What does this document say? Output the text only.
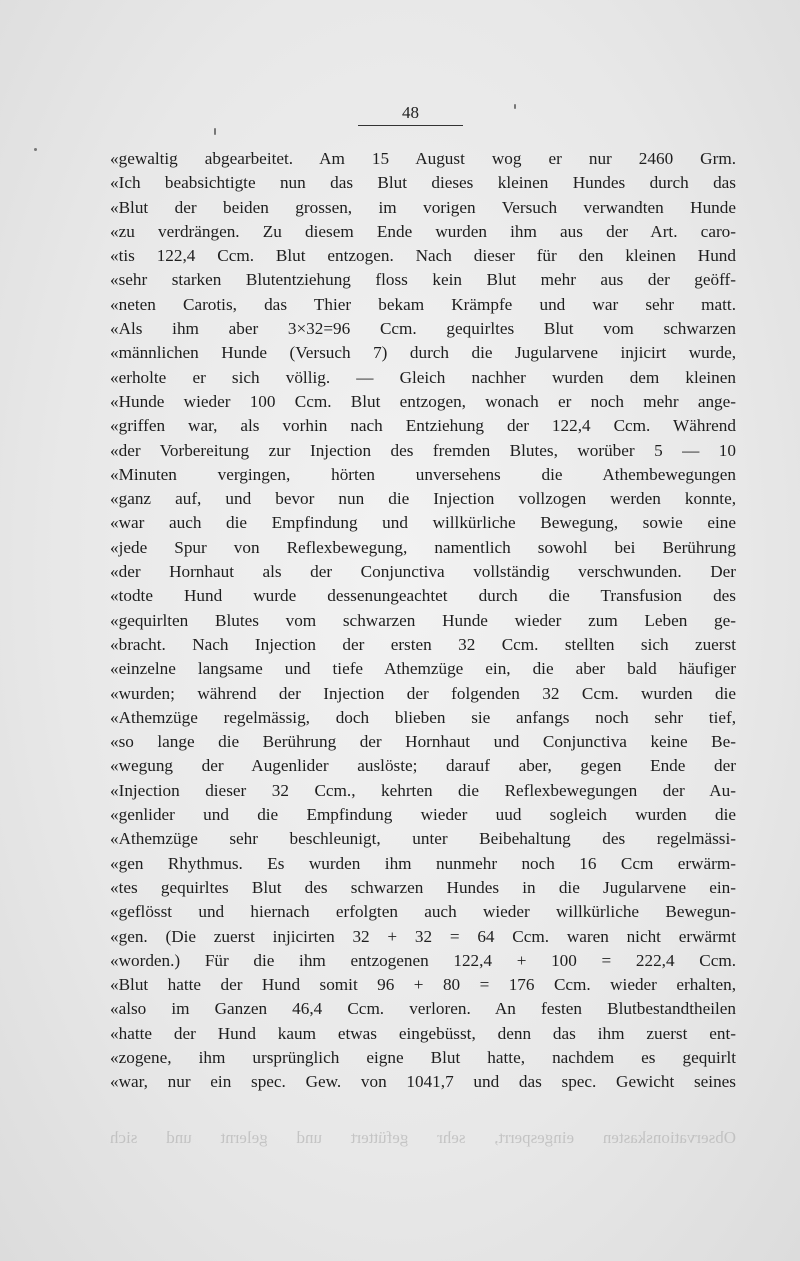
48
«gewaltig abgearbeitet. Am 15 August wog er nur 2460 Grm.
«Ich beabsichtigte nun das Blut dieses kleinen Hundes durch das
«Blut der beiden grossen, im vorigen Versuch verwandten Hunde
«zu verdrängen. Zu diesem Ende wurden ihm aus der Art. caro-
«tis 122,4 Ccm. Blut entzogen. Nach dieser für den kleinen Hund
«sehr starken Blutentziehung floss kein Blut mehr aus der geöff-
«neten Carotis, das Thier bekam Krämpfe und war sehr matt.
«Als ihm aber 3×32=96 Ccm. gequirltes Blut vom schwarzen
«männlichen Hunde (Versuch 7) durch die Jugularvene injicirt wurde,
«erholte er sich völlig. — Gleich nachher wurden dem kleinen
«Hunde wieder 100 Ccm. Blut entzogen, wonach er noch mehr ange-
«griffen war, als vorhin nach Entziehung der 122,4 Ccm. Während
«der Vorbereitung zur Injection des fremden Blutes, worüber 5 — 10
«Minuten vergingen, hörten unversehens die Athembewegungen
«ganz auf, und bevor nun die Injection vollzogen werden konnte,
«war auch die Empfindung und willkürliche Bewegung, sowie eine
«jede Spur von Reflexbewegung, namentlich sowohl bei Berührung
«der Hornhaut als der Conjunctiva vollständig verschwunden. Der
«todte Hund wurde dessenungeachtet durch die Transfusion des
«gequirlten Blutes vom schwarzen Hunde wieder zum Leben ge-
«bracht. Nach Injection der ersten 32 Ccm. stellten sich zuerst
«einzelne langsame und tiefe Athemzüge ein, die aber bald häufiger
«wurden; während der Injection der folgenden 32 Ccm. wurden die
«Athemzüge regelmässig, doch blieben sie anfangs noch sehr tief,
«so lange die Berührung der Hornhaut und Conjunctiva keine Be-
«wegung der Augenlider auslöste; darauf aber, gegen Ende der
«Injection dieser 32 Ccm., kehrten die Reflexbewegungen der Au-
«genlider und die Empfindung wieder uud sogleich wurden die
«Athemzüge sehr beschleunigt, unter Beibehaltung des regelmässi-
«gen Rhythmus. Es wurden ihm nunmehr noch 16 Ccm erwärm-
«tes gequirltes Blut des schwarzen Hundes in die Jugularvene ein-
«geflösst und hiernach erfolgten auch wieder willkürliche Bewegun-
«gen. (Die zuerst injicirten 32 + 32 = 64 Ccm. waren nicht erwärmt
«worden.) Für die ihm entzogenen 122,4 + 100 = 222,4 Ccm.
«Blut hatte der Hund somit 96 + 80 = 176 Ccm. wieder erhalten,
«also im Ganzen 46,4 Ccm. verloren. An festen Blutbestandtheilen
«hatte der Hund kaum etwas eingebüsst, denn das ihm zuerst ent-
«zogene, ihm ursprünglich eigne Blut hatte, nachdem es gequirlt
«war, nur ein spec. Gew. von 1041,7 und das spec. Gewicht seines
Observationskasten eingesperrt, sehr gefüttert und gelernt und sich
